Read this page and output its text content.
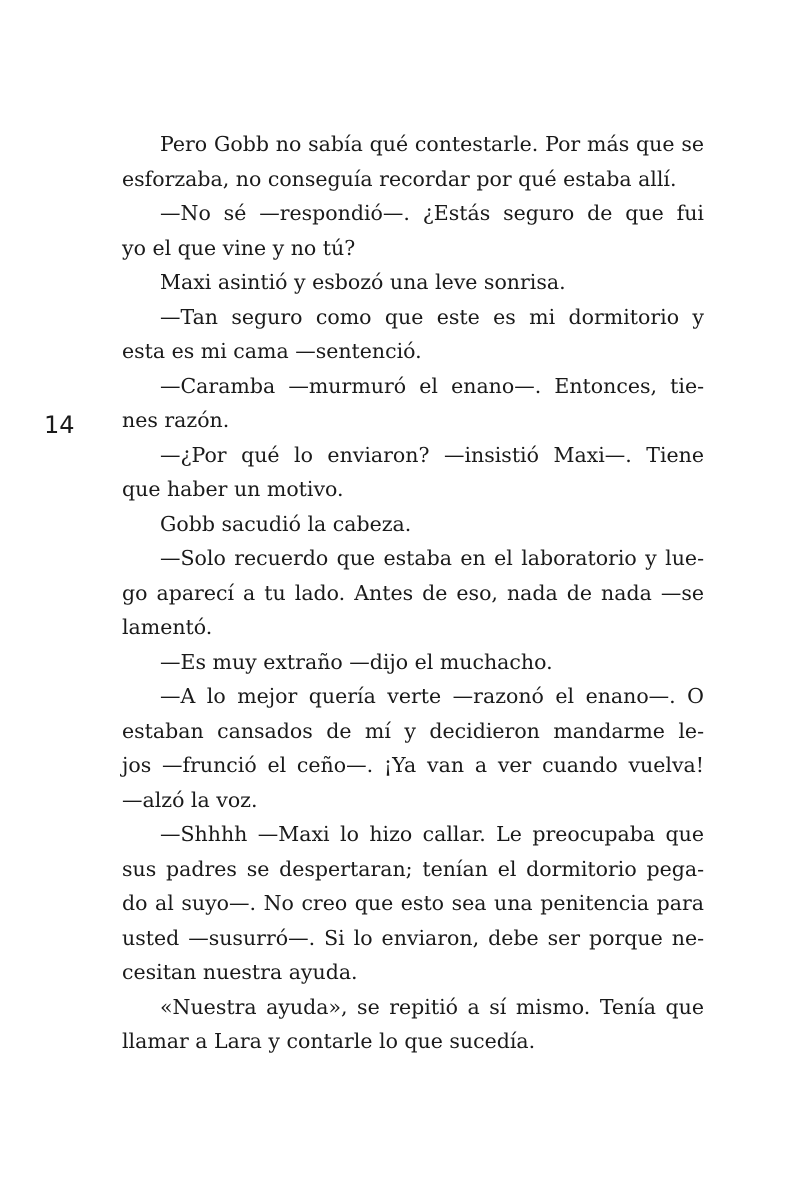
14
Pero Gobb no sabía qué contestarle. Por más que se
esforzaba, no conseguía recordar por qué estaba allí.
—No sé —respondió—. ¿Estás seguro de que fui
yo el que vine y no tú?
Maxi asintió y esbozó una leve sonrisa.
—Tan seguro como que este es mi dormitorio y
esta es mi cama —sentenció.
—Caramba —murmuró el enano—. Entonces, tie-
nes razón.
—¿Por qué lo enviaron? —insistió Maxi—. Tiene
que haber un motivo.
Gobb sacudió la cabeza.
—Solo recuerdo que estaba en el laboratorio y lue-
go aparecí a tu lado. Antes de eso, nada de nada —se
lamentó.
—Es muy extraño —dijo el muchacho.
—A lo mejor quería verte —razonó el enano—. O
estaban cansados de mí y decidieron mandarme le-
jos —frunció el ceño—. ¡Ya van a ver cuando vuelva!
—alzó la voz.
—Shhhh —Maxi lo hizo callar. Le preocupaba que
sus padres se despertaran; tenían el dormitorio pega-
do al suyo—. No creo que esto sea una penitencia para
usted —susurró—. Si lo enviaron, debe ser porque ne-
cesitan nuestra ayuda.
«Nuestra ayuda», se repitió a sí mismo. Tenía que
llamar a Lara y contarle lo que sucedía.
